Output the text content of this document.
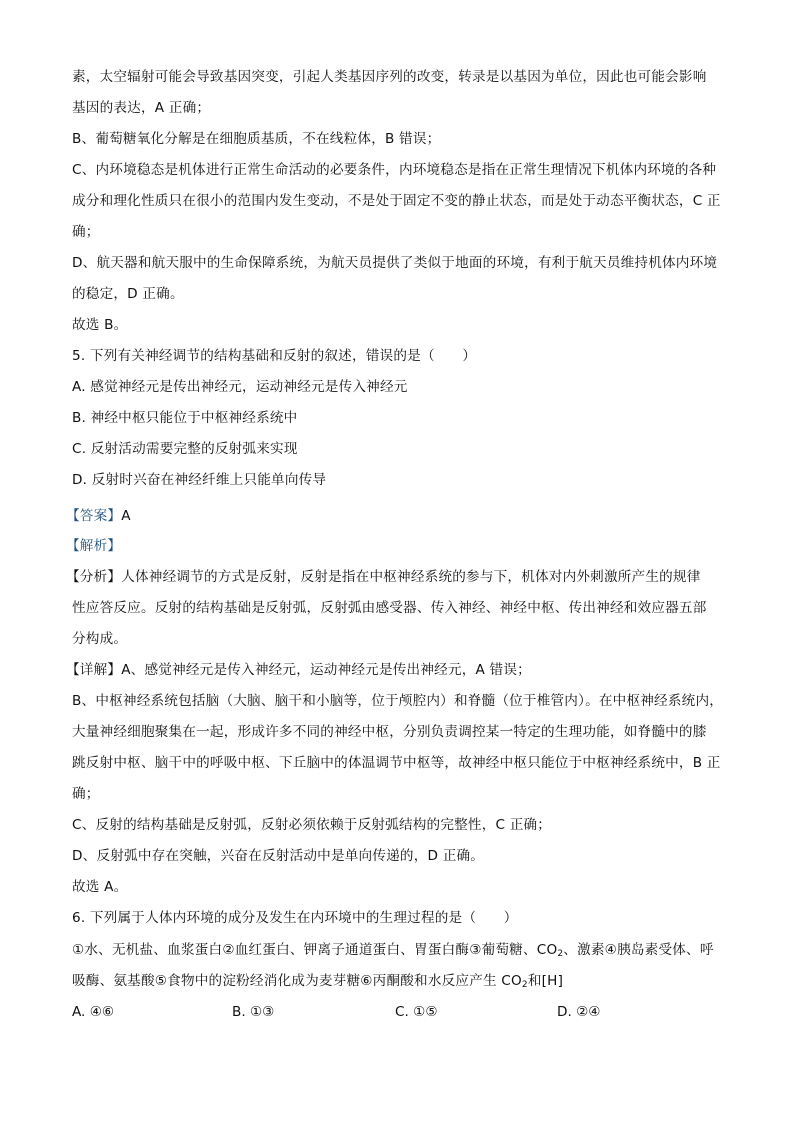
素，太空辐射可能会导致基因突变，引起人类基因序列的改变，转录是以基因为单位，因此也可能会影响
基因的表达，A 正确；
B、葡萄糖氧化分解是在细胞质基质，不在线粒体，B 错误；
C、内环境稳态是机体进行正常生命活动的必要条件，内环境稳态是指在正常生理情况下机体内环境的各种
成分和理化性质只在很小的范围内发生变动，不是处于固定不变的静止状态，而是处于动态平衡状态，C 正
确；
D、航天器和航天服中的生命保障系统，为航天员提供了类似于地面的环境，有利于航天员维持机体内环境
的稳定，D 正确。
故选 B。
5. 下列有关神经调节的结构基础和反射的叙述，错误的是（　　）
A. 感觉神经元是传出神经元，运动神经元是传入神经元
B. 神经中枢只能位于中枢神经系统中
C. 反射活动需要完整的反射弧来实现
D. 反射时兴奋在神经纤维上只能单向传导
【答案】A
【解析】
【分析】人体神经调节的方式是反射，反射是指在中枢神经系统的参与下，机体对内外刺激所产生的规律
性应答反应。反射的结构基础是反射弧，反射弧由感受器、传入神经、神经中枢、传出神经和效应器五部
分构成。
【详解】A、感觉神经元是传入神经元，运动神经元是传出神经元，A 错误；
B、中枢神经系统包括脑（大脑、脑干和小脑等，位于颅腔内）和脊髓（位于椎管内）。在中枢神经系统内，
大量神经细胞聚集在一起，形成许多不同的神经中枢，分别负责调控某一特定的生理功能，如脊髓中的膝
跳反射中枢、脑干中的呼吸中枢、下丘脑中的体温调节中枢等，故神经中枢只能位于中枢神经系统中，B 正
确；
C、反射的结构基础是反射弧，反射必须依赖于反射弧结构的完整性，C 正确；
D、反射弧中存在突触，兴奋在反射活动中是单向传递的，D 正确。
故选 A。
6. 下列属于人体内环境的成分及发生在内环境中的生理过程的是（　　）
①水、无机盐、血浆蛋白②血红蛋白、钾离子通道蛋白、胃蛋白酶③葡萄糖、$CO_2$、激素④胰岛素受体、呼
吸酶、氨基酸⑤食物中的淀粉经消化成为麦芽糖⑥丙酮酸和水反应产生 $CO_2$和[H]
A. ④⑥	B. ①③	C. ①⑤	D. ②④
